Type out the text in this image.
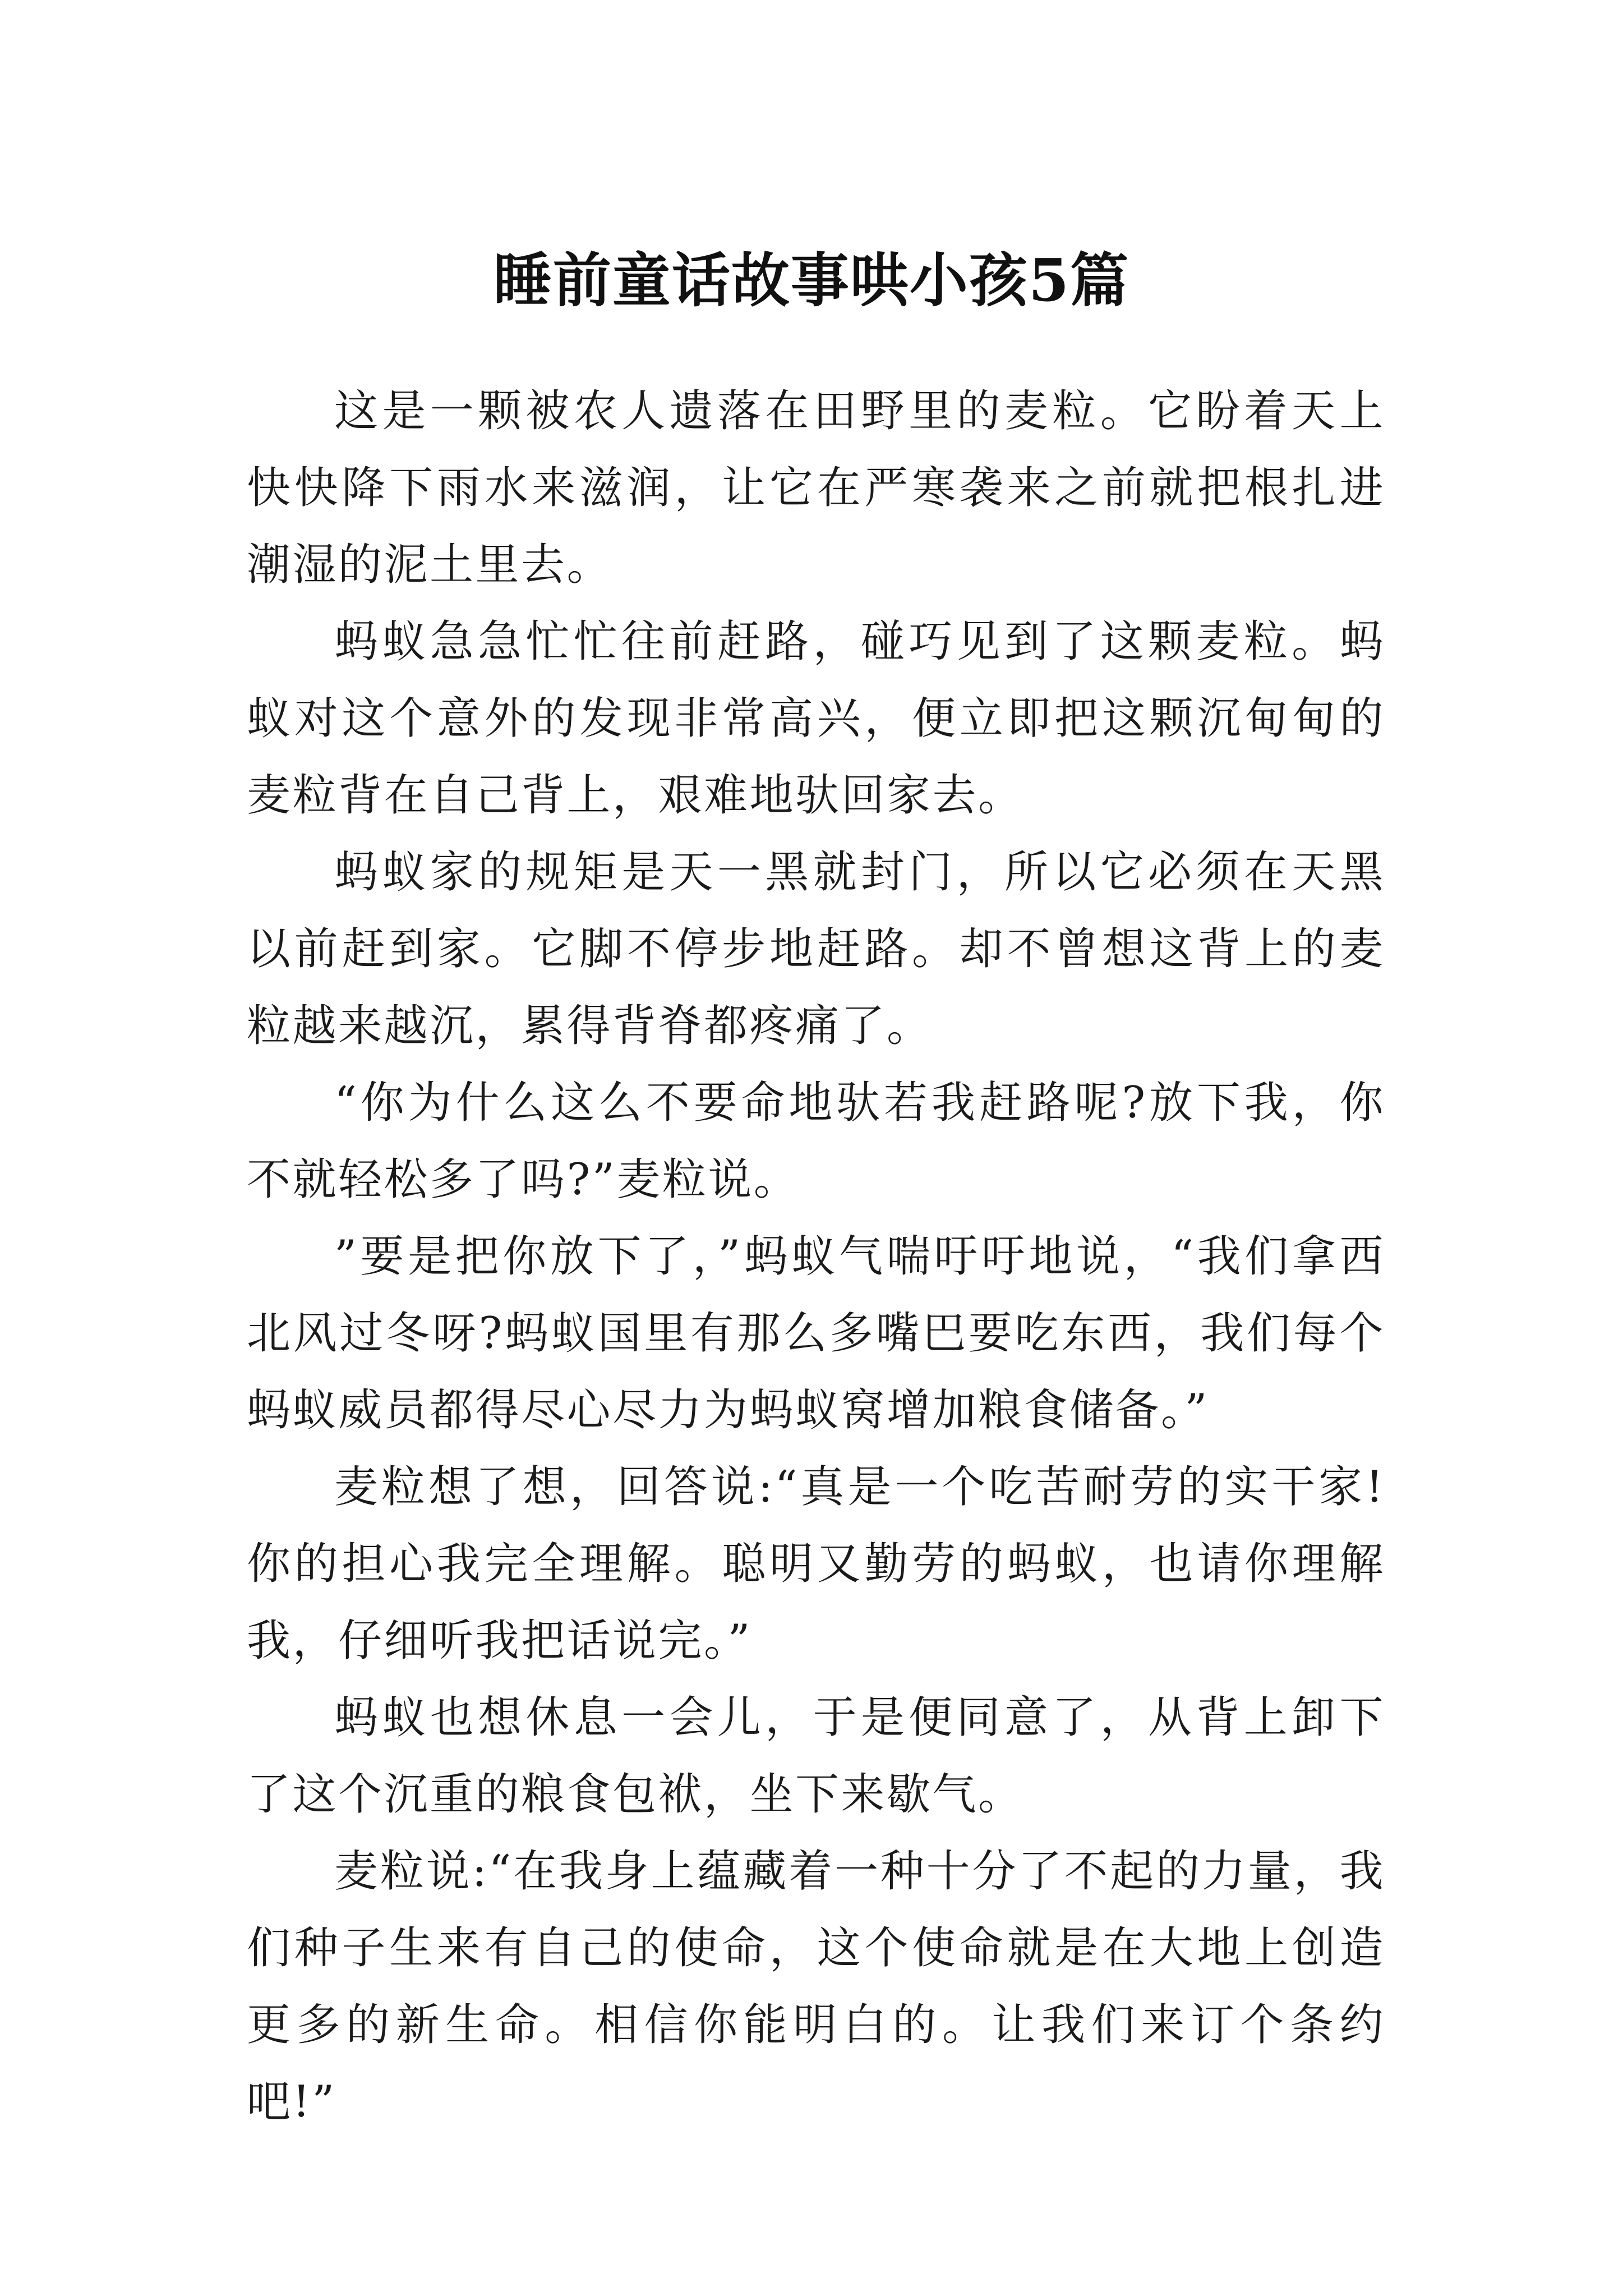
睡前童话故事哄小孩5篇

这是一颗被农人遗落在田野里的麦粒。它盼着天上快快降下雨水来滋润，让它在严寒袭来之前就把根扎进潮湿的泥土里去。

蚂蚁急急忙忙往前赶路，碰巧见到了这颗麦粒。蚂蚁对这个意外的发现非常高兴，便立即把这颗沉甸甸的麦粒背在自己背上，艰难地驮回家去。

蚂蚁家的规矩是天一黑就封门，所以它必须在天黑以前赶到家。它脚不停步地赶路。却不曾想这背上的麦粒越来越沉，累得背脊都疼痛了。

“你为什么这么不要命地驮若我赶路呢?放下我，你不就轻松多了吗?”麦粒说。

”要是把你放下了，”蚂蚁气喘吁吁地说，“我们拿西北风过冬呀?蚂蚁国里有那么多嘴巴要吃东西，我们每个蚂蚁威员都得尽心尽力为蚂蚁窝增加粮食储备。”

麦粒想了想，回答说:“真是一个吃苦耐劳的实干家!你的担心我完全理解。聪明又勤劳的蚂蚁，也请你理解我，仔细听我把话说完。”

蚂蚁也想休息一会儿，于是便同意了，从背上卸下了这个沉重的粮食包袱，坐下来歇气。

麦粒说:“在我身上蕴藏着一种十分了不起的力量，我们种子生来有自己的使命，这个使命就是在大地上创造更多的新生命。相信你能明白的。让我们来订个条约吧!”
